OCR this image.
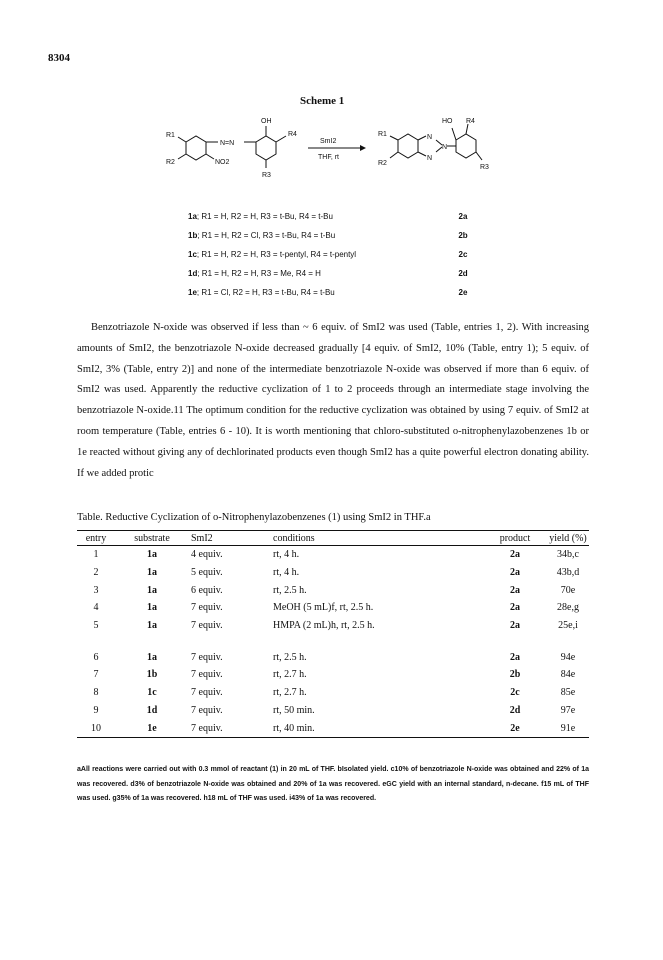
8304
Scheme 1
OH
R1
R2
N=N
NO2
R4
R3
SmI2
THF, rt
N
N
N
HO R4
R1
R2
R3
1a; R1 = H, R2 = H, R3 = t-Bu, R4 = t-Bu	2a
1b; R1 = H, R2 = Cl, R3 = t-Bu, R4 = t-Bu	2b
1c; R1 = H, R2 = H, R3 = t-pentyl, R4 = t-pentyl	2c
1d; R1 = H, R2 = H, R3 = Me, R4 = H	2d
1e; R1 = Cl, R2 = H, R3 = t-Bu, R4 = t-Bu	2e

Benzotriazole N-oxide was observed if less than ~ 6 equiv. of SmI2 was used (Table, entries 1, 2). With increasing amounts of SmI2, the benzotriazole N-oxide decreased gradually [4 equiv. of SmI2, 10% (Table, entry 1); 5 equiv. of SmI2, 3% (Table, entry 2)] and none of the intermediate benzotriazole N-oxide was observed if more than 6 equiv. of SmI2 was used. Apparently the reductive cyclization of 1 to 2 proceeds through an intermediate stage involving the benzotriazole N-oxide.11 The optimum condition for the reductive cyclization was obtained by using 7 equiv. of SmI2 at room temperature (Table, entries 6 - 10). It is worth mentioning that chloro-substituted o-nitrophenylazobenzenes 1b or 1e reacted without giving any of dechlorinated products even though SmI2 has a quite powerful electron donating ability. If we added protic

Table. Reductive Cyclization of o-Nitrophenylazobenzenes (1) using SmI2 in THF.a
entry	substrate	SmI2	conditions	product	yield (%)
1	1a	4 equiv.	rt, 4 h.	2a	34b,c
2	1a	5 equiv.	rt, 4 h.	2a	43b,d
3	1a	6 equiv.	rt, 2.5 h.	2a	70e
4	1a	7 equiv.	MeOH (5 mL)f, rt, 2.5 h.	2a	28e,g
5	1a	7 equiv.	HMPA (2 mL)h, rt, 2.5 h.	2a	25e,i

6	1a	7 equiv.	rt, 2.5 h.	2a	94e
7	1b	7 equiv.	rt, 2.7 h.	2b	84e
8	1c	7 equiv.	rt, 2.7 h.	2c	85e
9	1d	7 equiv.	rt, 50 min.	2d	97e
10	1e	7 equiv.	rt, 40 min.	2e	91e
aAll reactions were carried out with 0.3 mmol of reactant (1) in 20 mL of THF. bIsolated yield. c10% of benzotriazole N-oxide was obtained and 22% of 1a was recovered. d3% of benzotriazole N-oxide was obtained and 20% of 1a was recovered. eGC yield with an internal standard, n-decane. f15 mL of THF was used. g35% of 1a was recovered. h18 mL of THF was used. i43% of 1a was recovered.
